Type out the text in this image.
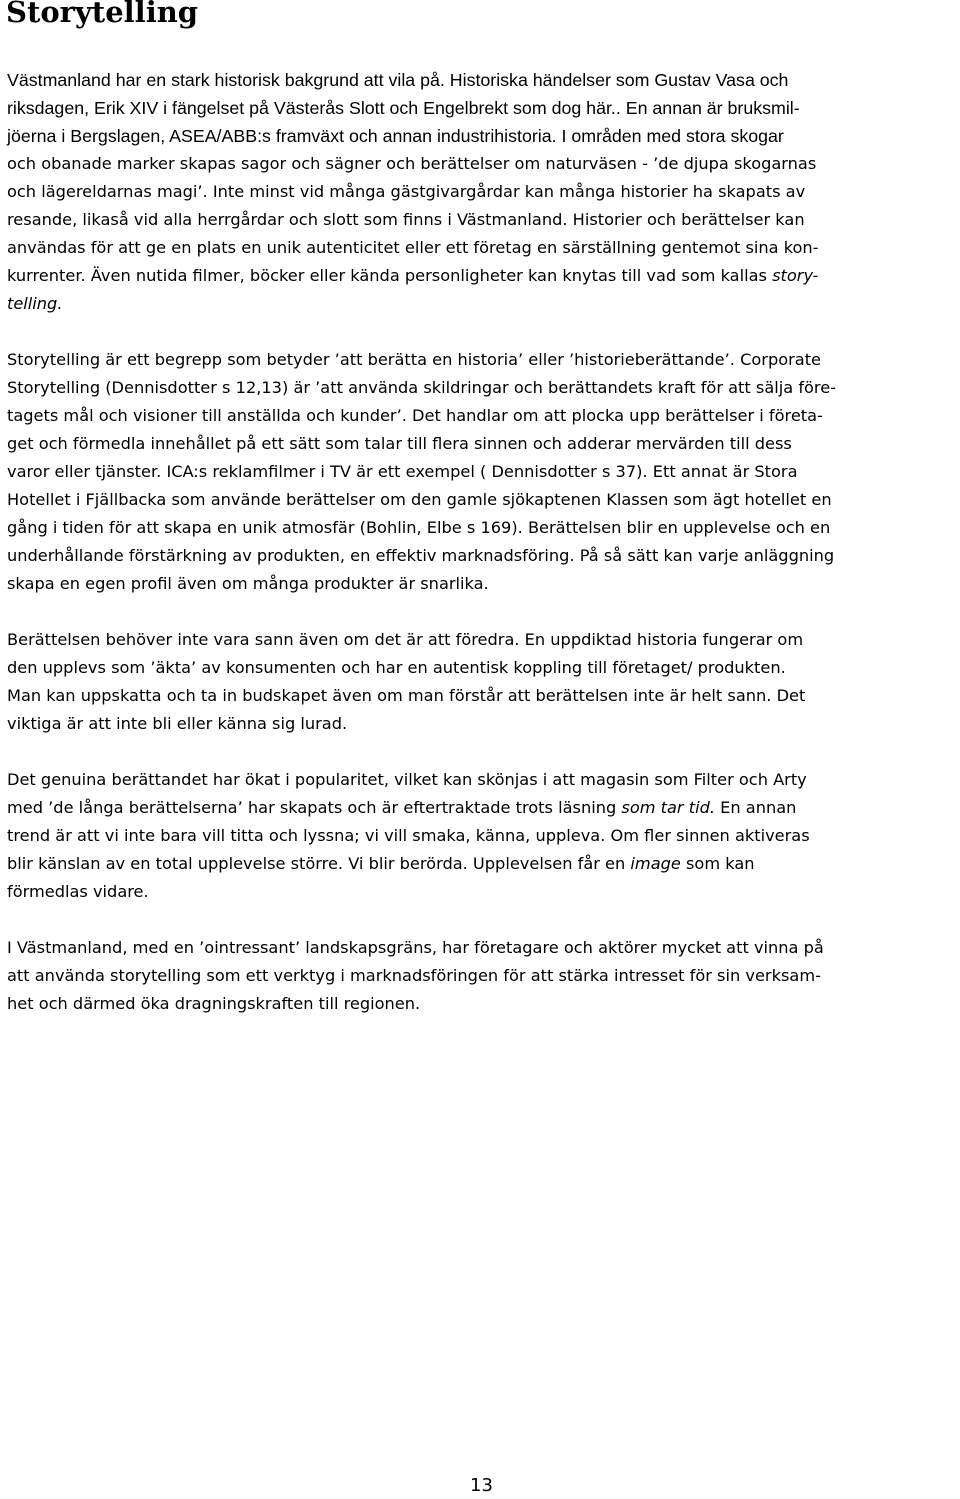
Storytelling
Västmanland har en stark historisk bakgrund att vila på. Historiska händelser som Gustav Vasa och
riksdagen, Erik XIV i fängelset på Västerås Slott och Engelbrekt som dog här.. En annan är bruksmil-
jöerna i Bergslagen, ASEA/ABB:s framväxt och annan industrihistoria. I områden med stora skogar
och obanade marker skapas sagor och sägner och berättelser om naturväsen - ’de djupa skogarnas
och lägereldarnas magi’. Inte minst vid många gästgivargårdar kan många historier ha skapats av
resande, likaså vid alla herrgårdar och slott som finns i Västmanland. Historier och berättelser kan
användas för att ge en plats en unik autenticitet eller ett företag en särställning gentemot sina kon-
kurrenter. Även nutida filmer, böcker eller kända personligheter kan knytas till vad som kallas story-
telling.
Storytelling är ett begrepp som betyder ’att berätta en historia’ eller ’historieberättande’. Corporate
Storytelling (Dennisdotter s 12,13) är ’att använda skildringar och berättandets kraft för att sälja före-
tagets mål och visioner till anställda och kunder’. Det handlar om att plocka upp berättelser i företa-
get och förmedla innehållet på ett sätt som talar till flera sinnen och adderar mervärden till dess
varor eller tjänster. ICA:s reklamfilmer i TV är ett exempel ( Dennisdotter s 37). Ett annat är Stora
Hotellet i Fjällbacka som använde berättelser om den gamle sjökaptenen Klassen som ägt hotellet en
gång i tiden för att skapa en unik atmosfär (Bohlin, Elbe s 169). Berättelsen blir en upplevelse och en
underhållande förstärkning av produkten, en effektiv marknadsföring. På så sätt kan varje anläggning
skapa en egen profil även om många produkter är snarlika.
Berättelsen behöver inte vara sann även om det är att föredra. En uppdiktad historia fungerar om
den upplevs som ’äkta’ av konsumenten och har en autentisk koppling till företaget/ produkten.
Man kan uppskatta och ta in budskapet även om man förstår att berättelsen inte är helt sann. Det
viktiga är att inte bli eller känna sig lurad.
Det genuina berättandet har ökat i popularitet, vilket kan skönjas i att magasin som Filter och Arty
med ’de långa berättelserna’ har skapats och är eftertraktade trots läsning som tar tid. En annan
trend är att vi inte bara vill titta och lyssna; vi vill smaka, känna, uppleva. Om fler sinnen aktiveras
blir känslan av en total upplevelse större. Vi blir berörda. Upplevelsen får en image som kan
förmedlas vidare.
I Västmanland, med en ’ointressant’ landskapsgräns, har företagare och aktörer mycket att vinna på
att använda storytelling som ett verktyg i marknadsföringen för att stärka intresset för sin verksam-
het och därmed öka dragningskraften till regionen.
13
